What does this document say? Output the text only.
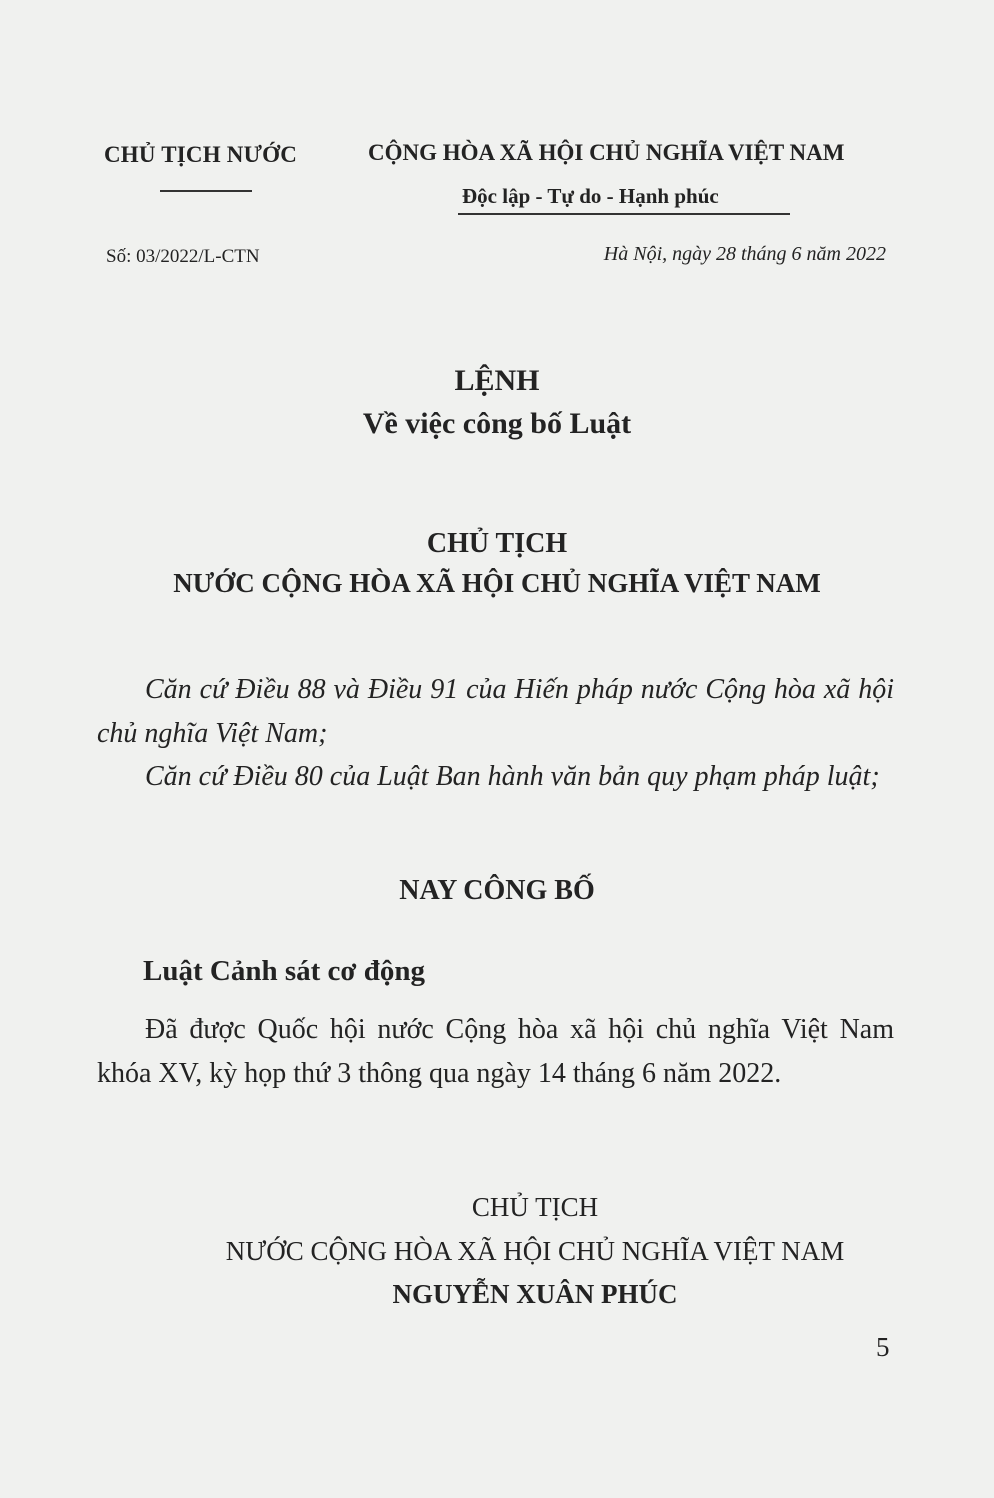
CHỦ TỊCH NƯỚC	CỘNG HÒA XÃ HỘI CHỦ NGHĨA VIỆT NAM
Độc lập - Tự do - Hạnh phúc
Số: 03/2022/L-CTN	Hà Nội, ngày 28 tháng 6 năm 2022
LỆNH
Về việc công bố Luật
CHỦ TỊCH
NƯỚC CỘNG HÒA XÃ HỘI CHỦ NGHĨA VIỆT NAM
Căn cứ Điều 88 và Điều 91 của Hiến pháp nước Cộng hòa xã hội chủ nghĩa Việt Nam;
Căn cứ Điều 80 của Luật Ban hành văn bản quy phạm pháp luật;
NAY CÔNG BỐ
Luật Cảnh sát cơ động
Đã được Quốc hội nước Cộng hòa xã hội chủ nghĩa Việt Nam khóa XV, kỳ họp thứ 3 thông qua ngày 14 tháng 6 năm 2022.
CHỦ TỊCH
NƯỚC CỘNG HÒA XÃ HỘI CHỦ NGHĨA VIỆT NAM
NGUYỄN XUÂN PHÚC
5
